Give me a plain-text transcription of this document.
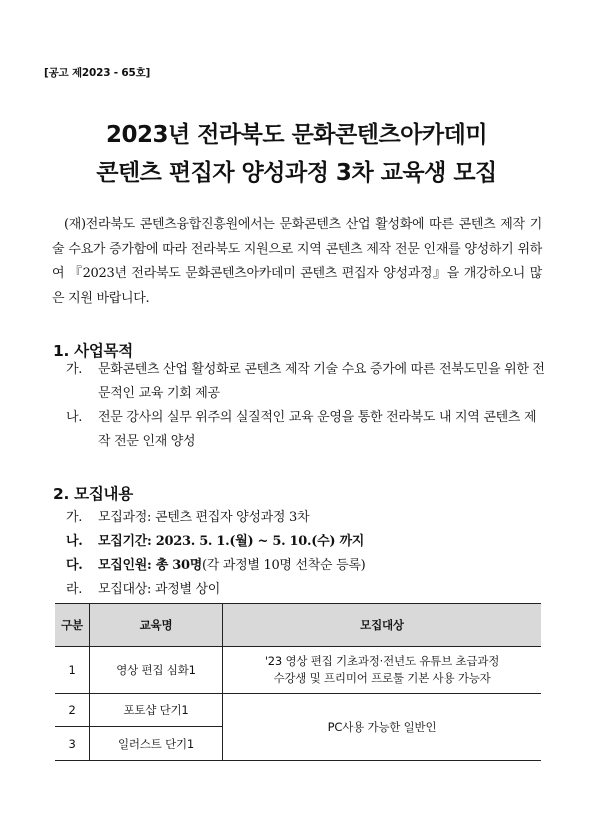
[공고 제2023 - 65호]
2023년 전라북도 문화콘텐츠아카데미
콘텐츠 편집자 양성과정 3차 교육생 모집
(재)전라북도 콘텐츠융합진흥원에서는 문화콘텐츠 산업 활성화에 따른 콘텐츠 제작 기술 수요가 증가함에 따라 전라북도 지원으로 지역 콘텐츠 제작 전문 인재를 양성하기 위하여 『2023년 전라북도 문화콘텐츠아카데미 콘텐츠 편집자 양성과정』을 개강하오니 많은 지원 바랍니다.
1. 사업목적
가.	문화콘텐츠 산업 활성화로 콘텐츠 제작 기술 수요 증가에 따른 전북도민을 위한 전문적인 교육 기회 제공
나.	전문 강사의 실무 위주의 실질적인 교육 운영을 통한 전라북도 내 지역 콘텐츠 제작 전문 인재 양성
2. 모집내용
가.	모집과정: 콘텐츠 편집자 양성과정 3차
나.	모집기간: 2023. 5. 1.(월) ~ 5. 10.(수) 까지
다.	모집인원: 총 30명(각 과정별 10명 선착순 등록)
라.	모집대상: 과정별 상이
구분	교육명	모집대상
1	영상 편집 심화1	'23 영상 편집 기초과정·전년도 유튜브 초급과정
수강생 및 프리미어 프로툴 기본 사용 가능자

2	포토샵 단기1	PC사용 가능한 일반인
3	일러스트 단기1	
